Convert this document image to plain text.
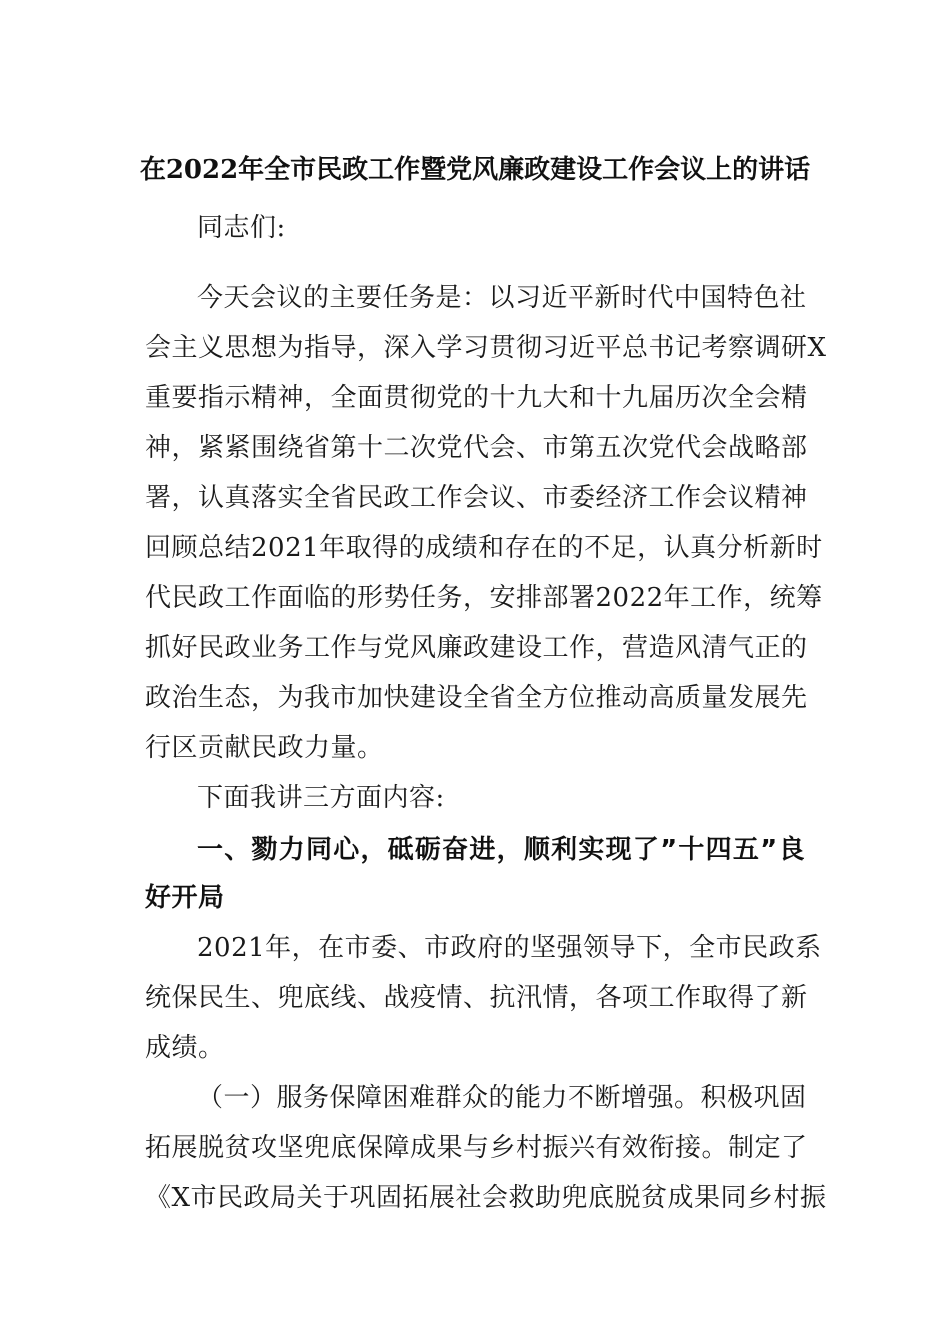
在2022年全市民政工作暨党风廉政建设工作会议上的讲话
同志们:
今天会议的主要任务是：以习近平新时代中国特色社
会主义思想为指导，深入学习贯彻习近平总书记考察调研X
重要指示精神，全面贯彻党的十九大和十九届历次全会精
神，紧紧围绕省第十二次党代会、市第五次党代会战略部
署，认真落实全省民政工作会议、市委经济工作会议精神
回顾总结2021年取得的成绩和存在的不足，认真分析新时
代民政工作面临的形势任务，安排部署2022年工作，统筹
抓好民政业务工作与党风廉政建设工作，营造风清气正的
政治生态，为我市加快建设全省全方位推动高质量发展先
行区贡献民政力量。
下面我讲三方面内容:
一、勠力同心，砥砺奋进，顺利实现了”十四五”良
好开局
2021年，在市委、市政府的坚强领导下，全市民政系
统保民生、兜底线、战疫情、抗汛情，各项工作取得了新
成绩。
（一）服务保障困难群众的能力不断增强。积极巩固
拓展脱贫攻坚兜底保障成果与乡村振兴有效衔接。制定了
《X市民政局关于巩固拓展社会救助兜底脱贫成果同乡村振
